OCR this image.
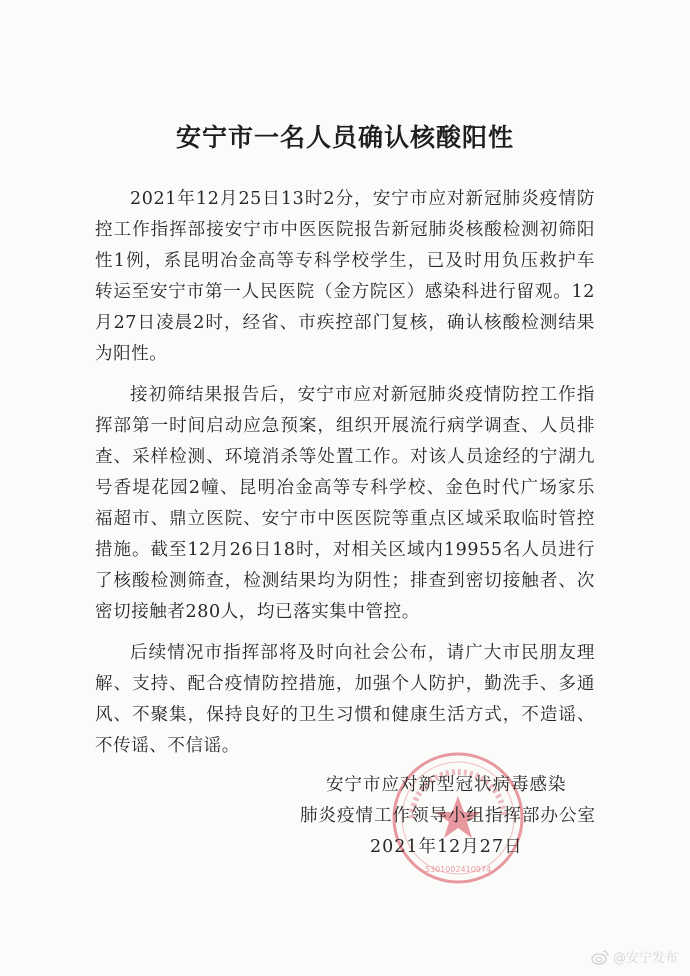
安宁市一名人员确认核酸阳性

2021年12月25日13时2分，安宁市应对新冠肺炎疫情防控工作指挥部接安宁市中医医院报告新冠肺炎核酸检测初筛阳性1例，系昆明冶金高等专科学校学生，已及时用负压救护车转运至安宁市第一人民医院（金方院区）感染科进行留观。12月27日凌晨2时，经省、市疾控部门复核，确认核酸检测结果为阳性。

接初筛结果报告后，安宁市应对新冠肺炎疫情防控工作指挥部第一时间启动应急预案，组织开展流行病学调查、人员排查、采样检测、环境消杀等处置工作。对该人员途经的宁湖九号香堤花园2幢、昆明冶金高等专科学校、金色时代广场家乐福超市、鼎立医院、安宁市中医医院等重点区域采取临时管控措施。截至12月26日18时，对相关区域内19955名人员进行了核酸检测筛查，检测结果均为阴性；排查到密切接触者、次密切接触者280人，均已落实集中管控。

后续情况市指挥部将及时向社会公布，请广大市民朋友理解、支持、配合疫情防控措施，加强个人防护，勤洗手、多通风、不聚集，保持良好的卫生习惯和健康生活方式，不造谣、不传谣、不信谣。

5301002410974
安宁市应对新型冠状病毒感染
肺炎疫情工作领导小组指挥部办公室
2021年12月27日
@安宁发布
